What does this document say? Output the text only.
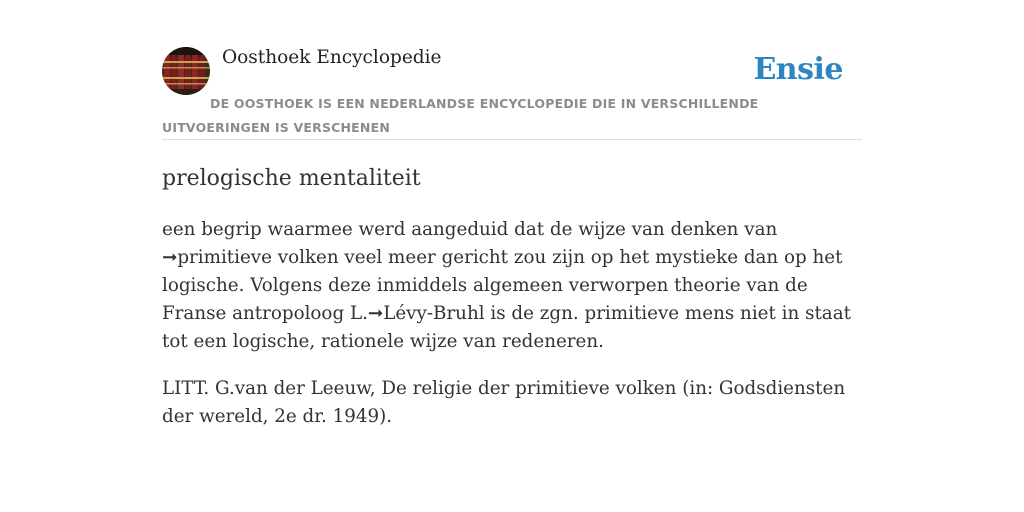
Oosthoek Encyclopedie	Ensie
DE OOSTHOEK IS EEN NEDERLANDSE ENCYCLOPEDIE DIE IN VERSCHILLENDE UITVOERINGEN IS VERSCHENEN
prelogische mentaliteit

een begrip waarmee werd aangeduid dat de wijze van denken van ➞primitieve volken veel meer gericht zou zijn op het mystieke dan op het logische. Volgens deze inmiddels algemeen verworpen theorie van de Franse antropoloog L.➞Lévy-Bruhl is de zgn. primitieve mens niet in staat tot een logische, rationele wijze van redeneren.

LITT. G.van der Leeuw, De religie der primitieve volken (in: Godsdiensten der wereld, 2e dr. 1949).
